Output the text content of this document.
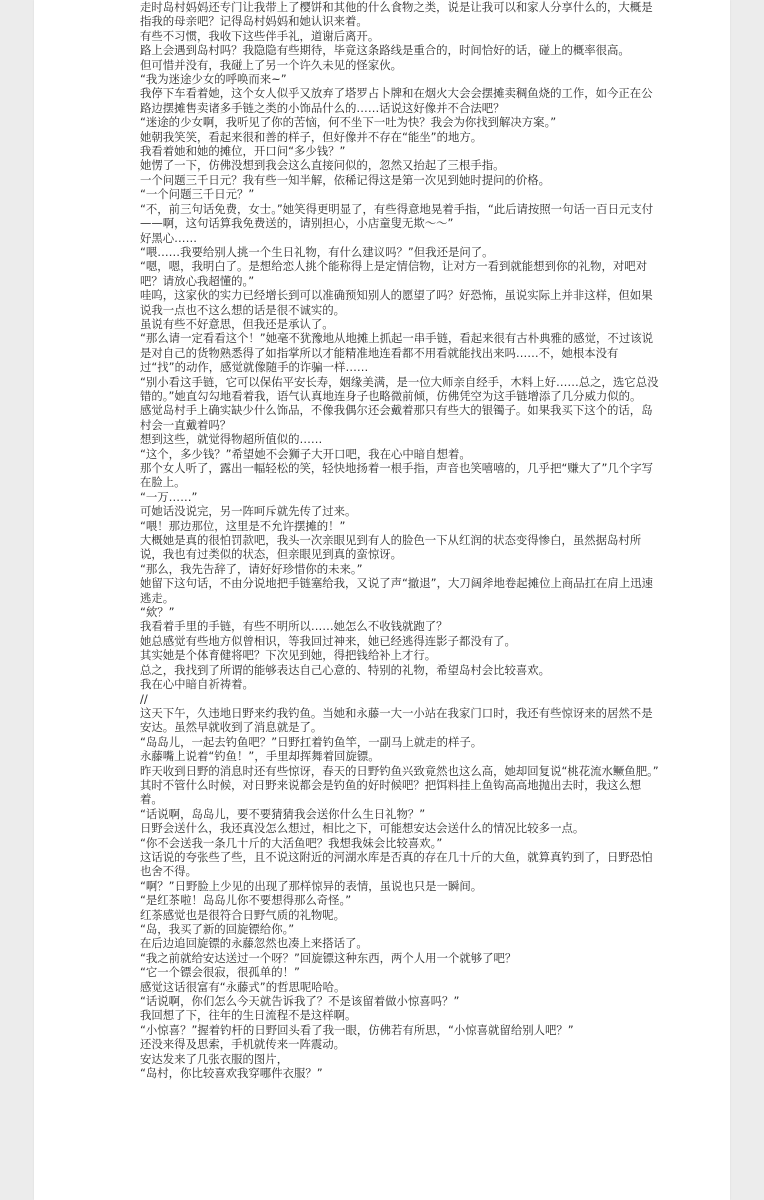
走时岛村妈妈还专门让我带上了樱饼和其他的什么食物之类，说是让我可以和家人分享什么的，大概是指我的母亲吧？记得岛村妈妈和她认识来着。

有些不习惯，我收下这些伴手礼，道谢后离开。

路上会遇到岛村吗？我隐隐有些期待，毕竟这条路线是重合的，时间恰好的话，碰上的概率很高。

但可惜并没有，我碰上了另一个许久未见的怪家伙。

“我为迷途少女的呼唤而来~”

我停下车看着她，这个女人似乎又放弃了塔罗占卜牌和在烟火大会会摆摊卖稠鱼烧的工作，如今正在公路边摆摊售卖诸多手链之类的小饰品什么的……话说这好像并不合法吧？

“迷途的少女啊，我听见了你的苦恼，何不坐下一吐为快？我会为你找到解决方案。”

她朝我笑笑，看起来很和善的样子，但好像并不存在“能坐”的地方。

我看着她和她的摊位，开口问“多少钱？”

她愣了一下，仿佛没想到我会这么直接问似的，忽然又抬起了三根手指。

一个问题三千日元？我有些一知半解，依稀记得这是第一次见到她时提问的价格。

“一个问题三千日元？”

“不，前三句话免费，女士。”她笑得更明显了，有些得意地晃着手指，“此后请按照一句话一百日元支付——啊，这句话算我免费送的，请别担心，小店童叟无欺～～”

好黑心……

“喂……我要给别人挑一个生日礼物，有什么建议吗？”但我还是问了。

“嗯，嗯，我明白了。是想给恋人挑个能称得上是定情信物，让对方一看到就能想到你的礼物，对吧对吧？请放心我超懂的。”

哇呜，这家伙的实力已经增长到可以准确预知别人的愿望了吗？好恐怖，虽说实际上并非这样，但如果说我一点也不这么想的话是很不诚实的。

虽说有些不好意思，但我还是承认了。

“那么请一定看看这个！”她毫不犹豫地从地摊上抓起一串手链，看起来很有古朴典雅的感觉，不过该说是对自己的货物熟悉得了如指掌所以才能精准地连看都不用看就能找出来吗……不，她根本没有过“找”的动作，感觉就像随手的诈骗一样……

“别小看这手链，它可以保佑平安长寿，姻缘美满，是一位大师亲自经手，木料上好……总之，选它总没错的。”她直勾勾地看着我，语气认真地连身子也略微前倾，仿佛凭空为这手链增添了几分威力似的。

感觉岛村手上确实缺少什么饰品，不像我偶尔还会戴着那只有些大的银镯子。如果我买下这个的话，岛村会一直戴着吗？

想到这些，就觉得物超所值似的……

“这个，多少钱？”希望她不会狮子大开口吧，我在心中暗自想着。

那个女人听了，露出一幅轻松的笑，轻快地扬着一根手指，声音也笑嘻嘻的，几乎把“赚大了”几个字写在脸上。

“一万……”

可她话没说完，另一阵呵斥就先传了过来。

“喂！那边那位，这里是不允许摆摊的！”

大概她是真的很怕罚款吧，我头一次亲眼见到有人的脸色一下从红润的状态变得惨白，虽然据岛村所说，我也有过类似的状态，但亲眼见到真的蛮惊讶。

“那么，我先告辞了，请好好珍惜你的未来。”

她留下这句话，不由分说地把手链塞给我，又说了声“撤退”，大刀阔斧地卷起摊位上商品扛在肩上迅速逃走。

“欸？”

我看着手里的手链，有些不明所以……她怎么不收钱就跑了？

她总感觉有些地方似曾相识，等我回过神来，她已经逃得连影子都没有了。

其实她是个体育健将吧？下次见到她，得把钱给补上才行。

总之，我找到了所谓的能够表达自己心意的、特别的礼物，希望岛村会比较喜欢。

我在心中暗自祈祷着。

//

这天下午，久违地日野来约我钓鱼。当她和永藤一大一小站在我家门口时，我还有些惊讶来的居然不是安达。虽然早就收到了消息就是了。

“岛岛儿，一起去钓鱼吧？”日野扛着钓鱼竿，一副马上就走的样子。

永藤嘴上说着“钓鱼！”，手里却挥舞着回旋镖。

昨天收到日野的消息时还有些惊讶，春天的日野钓鱼兴致竟然也这么高，她却回复说“桃花流水鳜鱼肥。”

其时不管什么时候，对日野来说都会是钓鱼的好时候吧？把饵料挂上鱼钩高高地抛出去时，我这么想着。

“话说啊，岛岛儿，要不要猜猜我会送你什么生日礼物？”

日野会送什么，我还真没怎么想过，相比之下，可能想安达会送什么的情况比较多一点。

“你不会送我一条几十斤的大活鱼吧？我想我妹会比较喜欢。”

这话说的夸张些了些，且不说这附近的河湖水库是否真的存在几十斤的大鱼，就算真钓到了，日野恐怕也舍不得。

“啊？”日野脸上少见的出现了那样惊异的表情，虽说也只是一瞬间。

“是红茶啦！岛岛儿你不要想得那么奇怪。”

红茶感觉也是很符合日野气质的礼物呢。

“岛，我买了新的回旋镖给你。”

在后边追回旋镖的永藤忽然也凑上来搭话了。

“我之前就给安达送过一个呀？”回旋镖这种东西，两个人用一个就够了吧？

“它一个镖会很寂，很孤单的！”

感觉这话很富有“永藤式”的哲思呢哈哈。

“话说啊，你们怎么今天就告诉我了？不是该留着做小惊喜吗？”

我回想了下，往年的生日流程不是这样啊。

“小惊喜？”握着钓杆的日野回头看了我一眼，仿佛若有所思，“小惊喜就留给别人吧？”

还没来得及思索，手机就传来一阵震动。

安达发来了几张衣服的图片，

“岛村，你比较喜欢我穿哪件衣服？”
